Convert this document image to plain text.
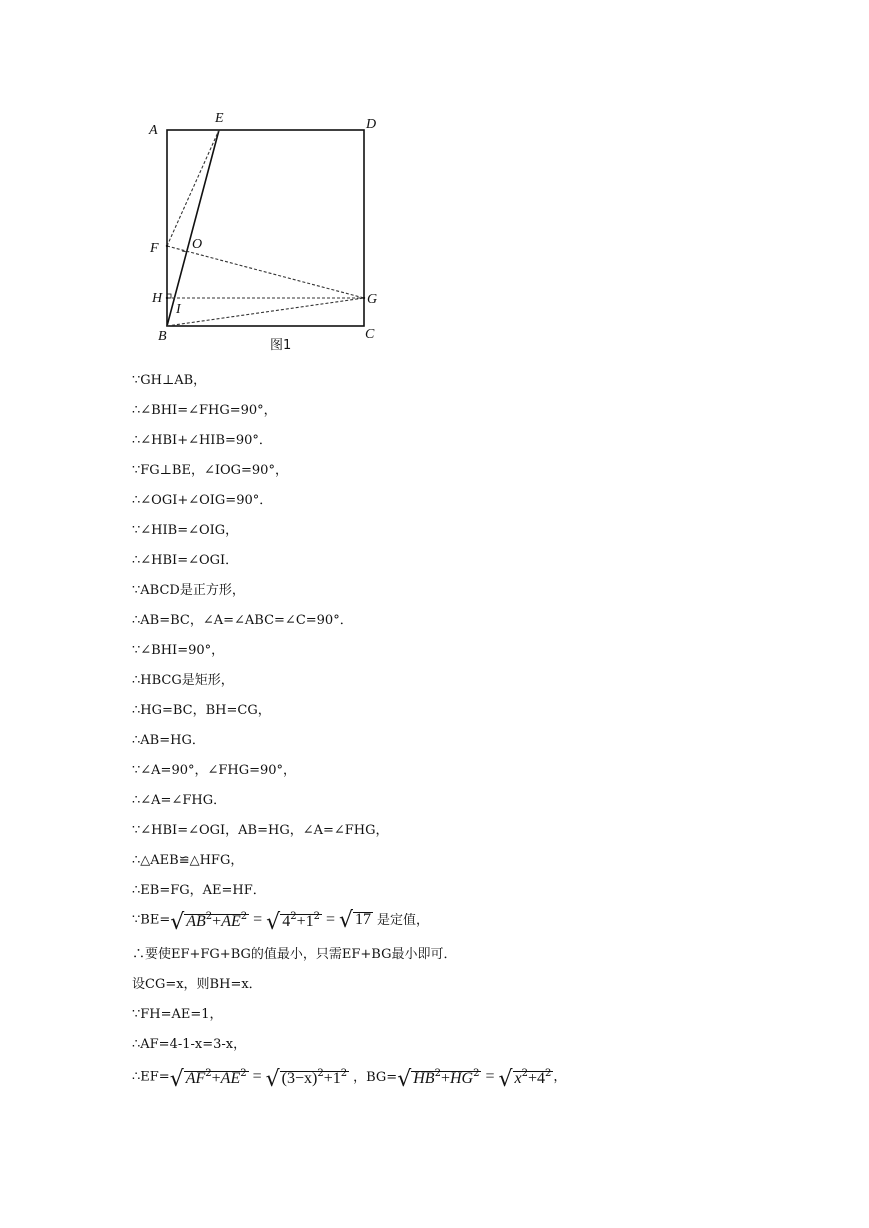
A
E	D
F O
H
I
G
B	C
图1
∵GH⊥AB，
∴∠BHI=∠FHG=90°，
∴∠HBI+∠HIB=90°．
∵FG⊥BE，∠IOG=90°，
∴∠OGI+∠OIG=90°．
∵∠HIB=∠OIG，
∴∠HBI=∠OGI．
∵ABCD是正方形，
∴AB=BC，∠A=∠ABC=∠C=90°．
∵∠BHI=90°，
∴HBCG是矩形，
∴HG=BC，BH=CG，
∴AB=HG．
∵∠A=90°，∠FHG=90°，
∴∠A=∠FHG．
∵∠HBI=∠OGI，AB=HG，∠A=∠FHG，
∴△AEB≌△HFG，
∴EB=FG，AE=HF．
∵BE=√ $AB^2+AE^2$ = √ $4^2+1^2$ = √ 17 是定值，
∴要使EF+FG+BG的值最小，只需EF+BG最小即可．
设CG=x，则BH=x．
∵FH=AE=1，
∴AF=4-1-x=3-x，
∴EF=√ $AF^2+AE^2$ = √ $(3-x)^2+1^2$ ，BG=√ $HB^2+HG^2$ = √ $x^2+4^2$ ，
